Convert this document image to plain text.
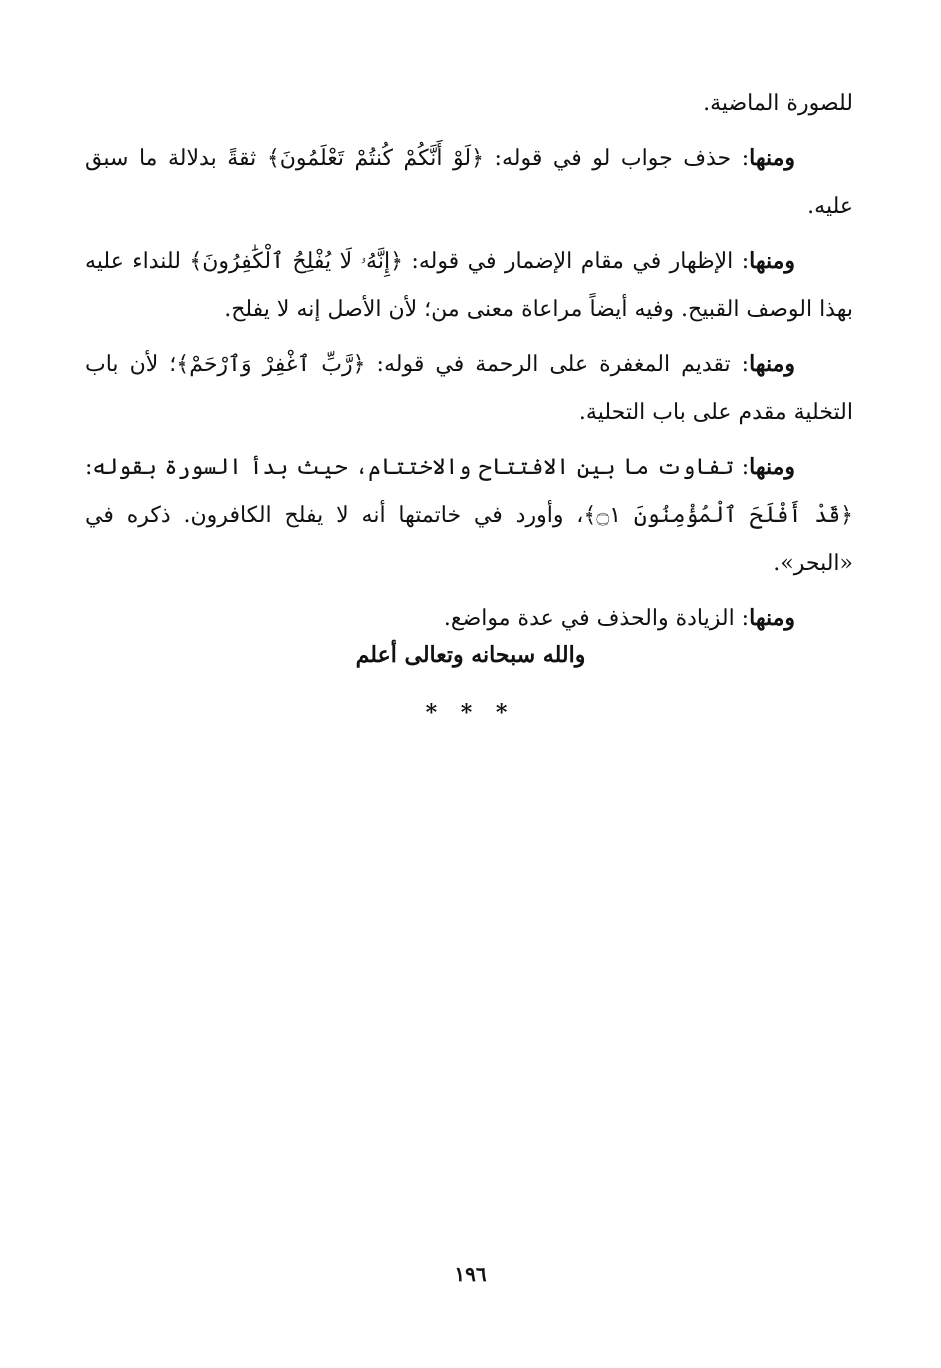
للصورة الماضية.

ومنها: حذف جواب لو في قوله: ﴿لَوْ أَنَّكُمْ كُنتُمْ تَعْلَمُونَ﴾ ثقةً بدلالة ما سبق عليه.

ومنها: الإظهار في مقام الإضمار في قوله: ﴿إِنَّهُۥ لَا يُفْلِحُ ٱلْكَٰفِرُونَ﴾ للنداء عليه بهذا الوصف القبيح. وفيه أيضاً مراعاة معنى من؛ لأن الأصل إنه لا يفلح.

ومنها: تقديم المغفرة على الرحمة في قوله: ﴿رَّبِّ ٱغْفِرْ وَٱرْحَمْ﴾؛ لأن باب التخلية مقدم على باب التحلية.

ومنها: تفاوت ما بين الافتتاح والاختتام، حيث بدأ السورة بقوله: ﴿قَدْ أَفْلَحَ ٱلْمُؤْمِنُونَ ۝١﴾، وأورد في خاتمتها أنه لا يفلح الكافرون. ذكره في «البحر».

ومنها: الزيادة والحذف في عدة مواضع.

والله سبحانه وتعالى أعلم
* * *
١٩٦
